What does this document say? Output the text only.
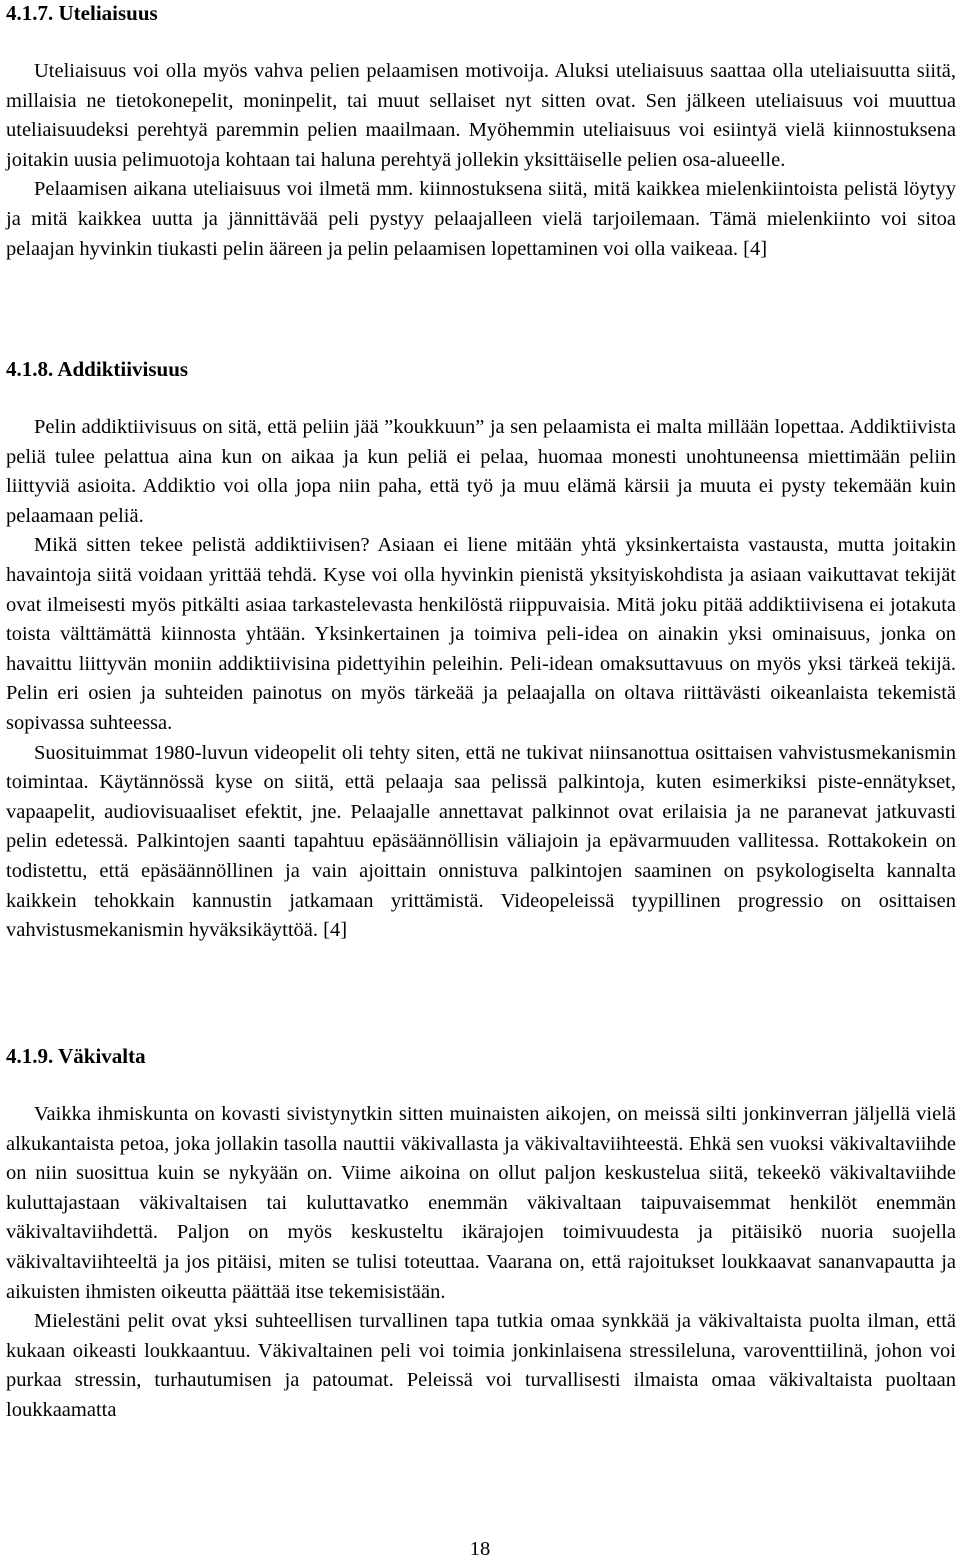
4.1.7. Uteliaisuus

Uteliaisuus voi olla myös vahva pelien pelaamisen motivoija. Aluksi uteliaisuus saattaa olla uteliaisuutta siitä, millaisia ne tietokonepelit, moninpelit, tai muut sellaiset nyt sitten ovat. Sen jälkeen uteliaisuus voi muuttua uteliaisuudeksi perehtyä paremmin pelien maailmaan. Myöhemmin uteliaisuus voi esiintyä vielä kiinnostuksena joitakin uusia pelimuotoja kohtaan tai haluna perehtyä jollekin yksittäiselle pelien osa-alueelle.

Pelaamisen aikana uteliaisuus voi ilmetä mm. kiinnostuksena siitä, mitä kaikkea mielenkiintoista pelistä löytyy ja mitä kaikkea uutta ja jännittävää peli pystyy pelaajalleen vielä tarjoilemaan. Tämä mielenkiinto voi sitoa pelaajan hyvinkin tiukasti pelin ääreen ja pelin pelaamisen lopettaminen voi olla vaikeaa. [4]

4.1.8. Addiktiivisuus

Pelin addiktiivisuus on sitä, että peliin jää ”koukkuun” ja sen pelaamista ei malta millään lopettaa. Addiktiivista peliä tulee pelattua aina kun on aikaa ja kun peliä ei pelaa, huomaa monesti unohtuneensa miettimään peliin liittyviä asioita. Addiktio voi olla jopa niin paha, että työ ja muu elämä kärsii ja muuta ei pysty tekemään kuin pelaamaan peliä.

Mikä sitten tekee pelistä addiktiivisen? Asiaan ei liene mitään yhtä yksinkertaista vastausta, mutta joitakin havaintoja siitä voidaan yrittää tehdä. Kyse voi olla hyvinkin pienistä yksityiskohdista ja asiaan vaikuttavat tekijät ovat ilmeisesti myös pitkälti asiaa tarkastelevasta henkilöstä riippuvaisia. Mitä joku pitää addiktiivisena ei jotakuta toista välttämättä kiinnosta yhtään. Yksinkertainen ja toimiva peli-idea on ainakin yksi ominaisuus, jonka on havaittu liittyvän moniin addiktiivisina pidettyihin peleihin. Peli-idean omaksuttavuus on myös yksi tärkeä tekijä. Pelin eri osien ja suhteiden painotus on myös tärkeää ja pelaajalla on oltava riittävästi oikeanlaista tekemistä sopivassa suhteessa.

Suosituimmat 1980-luvun videopelit oli tehty siten, että ne tukivat niinsanottua osittaisen vahvistusmekanismin toimintaa. Käytännössä kyse on siitä, että pelaaja saa pelissä palkintoja, kuten esimerkiksi piste-ennätykset, vapaapelit, audiovisuaaliset efektit, jne. Pelaajalle annettavat palkinnot ovat erilaisia ja ne paranevat jatkuvasti pelin edetessä. Palkintojen saanti tapahtuu epäsäännöllisin väliajoin ja epävarmuuden vallitessa. Rottakokein on todistettu, että epäsäännöllinen ja vain ajoittain onnistuva palkintojen saaminen on psykologiselta kannalta kaikkein tehokkain kannustin jatkamaan yrittämistä. Videopeleissä tyypillinen progressio on osittaisen vahvistusmekanismin hyväksikäyttöä. [4]

4.1.9. Väkivalta

Vaikka ihmiskunta on kovasti sivistynytkin sitten muinaisten aikojen, on meissä silti jonkinverran jäljellä vielä alkukantaista petoa, joka jollakin tasolla nauttii väkivallasta ja väkivaltaviihteestä. Ehkä sen vuoksi väkivaltaviihde on niin suosittua kuin se nykyään on. Viime aikoina on ollut paljon keskustelua siitä, tekeekö väkivaltaviihde kuluttajastaan väkivaltaisen tai kuluttavatko enemmän väkivaltaan taipuvaisemmat henkilöt enemmän väkivaltaviihdettä. Paljon on myös keskusteltu ikärajojen toimivuudesta ja pitäisikö nuoria suojella väkivaltaviihteeltä ja jos pitäisi, miten se tulisi toteuttaa. Vaarana on, että rajoitukset loukkaavat sananvapautta ja aikuisten ihmisten oikeutta päättää itse tekemisistään.

Mielestäni pelit ovat yksi suhteellisen turvallinen tapa tutkia omaa synkkää ja väkivaltaista puolta ilman, että kukaan oikeasti loukkaantuu. Väkivaltainen peli voi toimia jonkinlaisena stressileluna, varoventtiilinä, johon voi purkaa stressin, turhautumisen ja patoumat. Peleissä voi turvallisesti ilmaista omaa väkivaltaista puoltaan loukkaamatta

18
